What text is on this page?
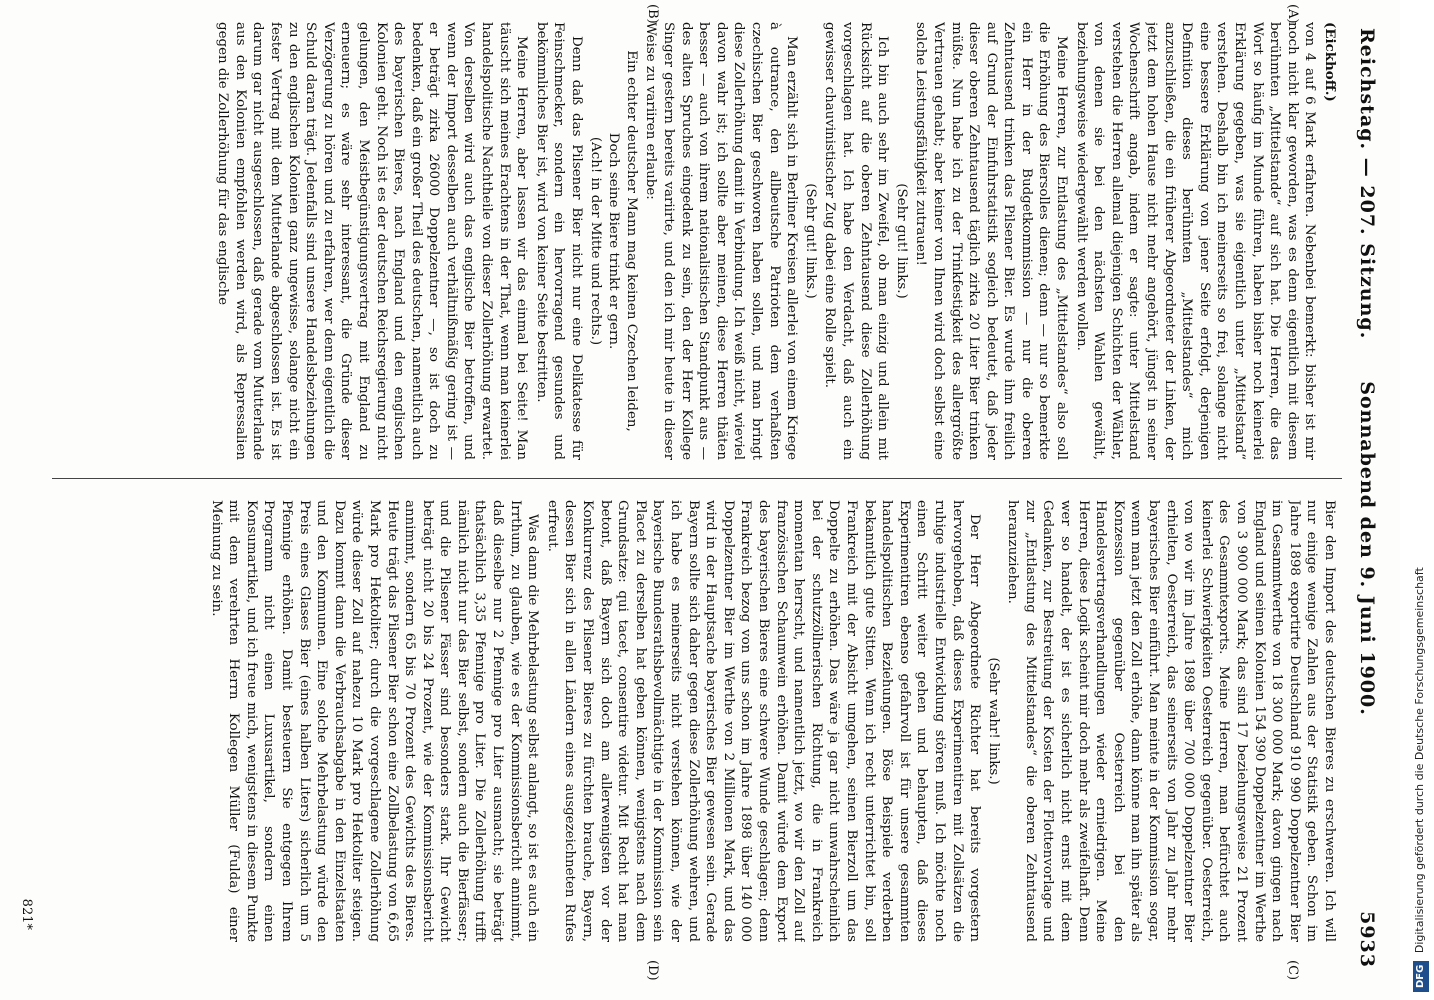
Reichstag. — 207. Sitzung.
Sonnabend den 9. Juni 1900.  5933
(A)
(B)
(C)
(D)

(Eickhoff.)

von 4 auf 6 Mark erfahren. Nebenbei bemerkt: bisher ist mir noch nicht klar geworden, was es denn eigentlich mit diesem berühmten „Mittelstande“ auf sich hat. Die Herren, die das Wort so häufig im Munde führen, haben bisher noch keinerlei Erklärung gegeben, was sie eigentlich unter „Mittelstand“ verstehen. Deshalb bin ich meinerseits so frei, solange nicht eine bessere Erklärung von jener Seite erfolgt, derjenigen Definition dieses berühmten „Mittelstandes“ mich anzuschließen, die ein früherer Abgeordneter der Linken, der jetzt dem hohen Hause nicht mehr angehört, jüngst in seiner Wochenschrift angab, indem er sagte: unter Mittelstand verstehen die Herren allemal diejenigen Schichten der Wähler, von denen sie bei den nächsten Wahlen gewählt, beziehungsweise wiedergewählt werden wollen.

Meine Herren, zur Entlastung des „Mittelstandes“ also soll die Erhöhung des Biersolles dienen; denn — nur so bemerkte ein Herr in der Budgetkommission — nur die oberen Zehntausend trinken das Pilsener Bier. Es wurde ihm freilich auf Grund der Einfuhrstatistik sogleich bedeutet, daß jeder dieser oberen Zehntausend täglich zirka 20 Liter Bier trinken müßte. Nun habe ich zu der Trinkfestigkeit des allergrößte Vertrauen gehabt; aber keiner von Ihnen wird doch selbst eine solche Leistungsfähigkeit zutrauen!

(Sehr gut! links.)

Ich bin auch sehr im Zweifel, ob man einzig und allein mit Rücksicht auf die oberen Zehntausend diese Zollerhöhung vorgeschlagen hat. Ich habe den Verdacht, daß auch ein gewisser chauvinistischer Zug dabei eine Rolle spielt.

(Sehr gut! links.)

Man erzählt sich in Berliner Kreisen allerlei von einem Kriege à outrance, den allbeutsche Patrioten dem verhaßten czechischen Bier geschworen haben sollen, und man bringt diese Zollerhöhung damit in Verbindung. Ich weiß nicht, wieviel davon wahr ist; ich sollte aber meinen, diese Herren thäten besser — auch von ihrem nationalistischen Standpunkt aus — des alten Spruches eingedenk zu sein, den der Herr Kollege Singer gestern bereits variirte, und den ich mir heute in dieser Weise zu variiren erlaube:

Ein echter deutscher Mann mag keinen Czechen leiden,

Doch seine Biere trinkt er gern.

(Ach! in der Mitte und rechts.)

Denn daß das Pilsener Bier nicht nur eine Delikatesse für Feinschmecker, sondern ein hervorragend gesundes und bekömmliches Bier ist, wird von keiner Seite bestritten.

Meine Herren, aber lassen wir das einmal bei Seite! Man täuscht sich meines Erachtens in der That, wenn man keinerlei handelspolitische Nachtheile von dieser Zollerhöhung erwartet. Von derselben wird auch das englische Bier betroffen, und wenn der Import desselben auch verhältnißmäßig gering ist — er beträgt zirka 26000 Doppelzentner —, so ist doch zu bedenken, daß ein großer Theil des deutschen, namentlich auch des bayerischen Bieres, nach England und den englischen Kolonien geht. Noch ist es der deutschen Reichsregierung nicht gelungen, den Meistbegünstigungsvertrag mit England zu erneuern; es wäre sehr interessant, die Gründe dieser Verzögerung zu hören und zu erfahren, wer denn eigentlich die Schuld daran trägt. Jedenfalls sind unsere Handelsbeziehungen zu den englischen Kolonien ganz ungewisse, solange nicht ein fester Vertrag mit dem Mutterlande abgeschlossen ist. Es ist darum gar nicht ausgeschlossen, daß gerade vom Mutterlande aus den Kolonien empfohlen werden wird, als Repressalien gegen die Zollerhöhung für das englische

Bier den Import des deutschen Bieres zu erschweren. Ich will nur einige wenige Zahlen aus der Statistik geben. Schon im Jahre 1898 exportirte Deutschland 910 990 Doppelzentner Bier im Gesammtwerthe von 18 300 000 Mark; davon gingen nach England und seinen Kolonien 154 390 Doppelzentner im Werthe von 3 900 000 Mark; das sind 17 beziehungsweise 21 Prozent des Gesammtexports. Meine Herren, man befürchtet auch keinerlei Schwierigkeiten Oesterreich gegenüber. Oesterreich, von wo wir im Jahre 1898 über 700 000 Doppelzentner Bier erhielten, Oesterreich, das seinerseits von Jahr zu Jahr mehr bayerisches Bier einführt. Man meinte in der Kommission sogar, wenn man jetzt den Zoll erhöhe, dann könne man ihn später als Konzession gegenüber Oesterreich bei den Handelsvertragsverhandlungen wieder erniedrigen. Meine Herren, diese Logik scheint mir doch mehr als zweifelhaft. Denn wer so handelt, der ist es sicherlich nicht ernst mit dem Gedanken, zur Bestreitung der Kosten der Flottenvorlage und zur „Entlastung des Mittelstandes“ die oberen Zehntausend heranzuziehen.

(Sehr wahr! links.)

Der Herr Abgeordnete Richter hat bereits vorgestern hervorgehoben, daß dieses Experimentiren mit Zollsätzen die ruhige industrielle Entwicklung stören muß. Ich möchte noch einen Schritt weiter gehen und behaupten, daß dieses Experimentiren ebenso gefahrvoll ist für unsere gesammten handelspolitischen Beziehungen. Böse Beispiele verderben bekanntlich gute Sitten. Wenn ich recht unterrichtet bin, soll Frankreich mit der Absicht umgehen, seinen Bierzoll um das Doppelte zu erhöhen. Das wäre ja gar nicht unwahrscheinlich bei der schutzzöllnerischen Richtung, die in Frankreich momentan herrscht, und namentlich jetzt, wo wir den Zoll auf französischen Schaumwein erhöhen. Damit würde dem Export des bayerischen Bieres eine schwere Wunde geschlagen; denn Frankreich bezog von uns schon im Jahre 1898 über 140 000 Doppelzentner Bier im Werthe von 2 Millionen Mark, und das wird in der Hauptsache bayerisches Bier gewesen sein. Gerade Bayern sollte sich daher gegen diese Zollerhöhung wehren, und ich habe es meinerseits nicht verstehen können, wie der bayerische Bundesrathsbevollmächtigte in der Kommission sein Placet zu derselben hat geben können, wenigstens nach dem Grundsatze: qui tacet, consentire videtur. Mit Recht hat man betont, daß Bayern sich doch am allerwenigsten vor der Konkurrenz des Pilsener Bieres zu fürchten brauche, Bayern, dessen Bier sich in allen Ländern eines ausgezeichneten Rufes erfreut.

Was dann die Mehrbelastung selbst anlangt, so ist es auch ein Irrthum, zu glauben, wie es der Kommissionsbericht annimmt, daß dieselbe nur 2 Pfennige pro Liter ausmacht; sie beträgt thatsächlich 3,35 Pfennige pro Liter. Die Zollerhöhung trifft nämlich nicht nur das Bier selbst, sondern auch die Bierfässer; und die Pilsener Fässer sind besonders stark. Ihr Gewicht beträgt nicht 20 bis 24 Prozent, wie der Kommissionsbericht annimmt, sondern 65 bis 70 Prozent des Gewichts des Bieres. Heute trägt das Pilsener Bier schon eine Zollbelastung von 6,65 Mark pro Hektoliter; durch die vorgeschlagene Zollerhöhung würde dieser Zoll auf nahezu 10 Mark pro Hektoliter steigen. Dazu kommt dann die Verbrauchsabgabe in den Einzelstaaten und den Kommunen. Eine solche Mehrbelastung würde den Preis eines Glases Bier (eines halben Liters) sicherlich um 5 Pfennige erhöhen. Damit besteuern Sie entgegen Ihrem Programm nicht einen Luxusartikel, sondern einen Konsumartikel, und ich freue mich, wenigstens in diesem Punkte mit dem verehrten Herrn Kollegen Müller (Fulda) einer Meinung zu sein.

821*
DFG Digitalisierung gefördert durch die Deutsche Forschungsgemeinschaft
